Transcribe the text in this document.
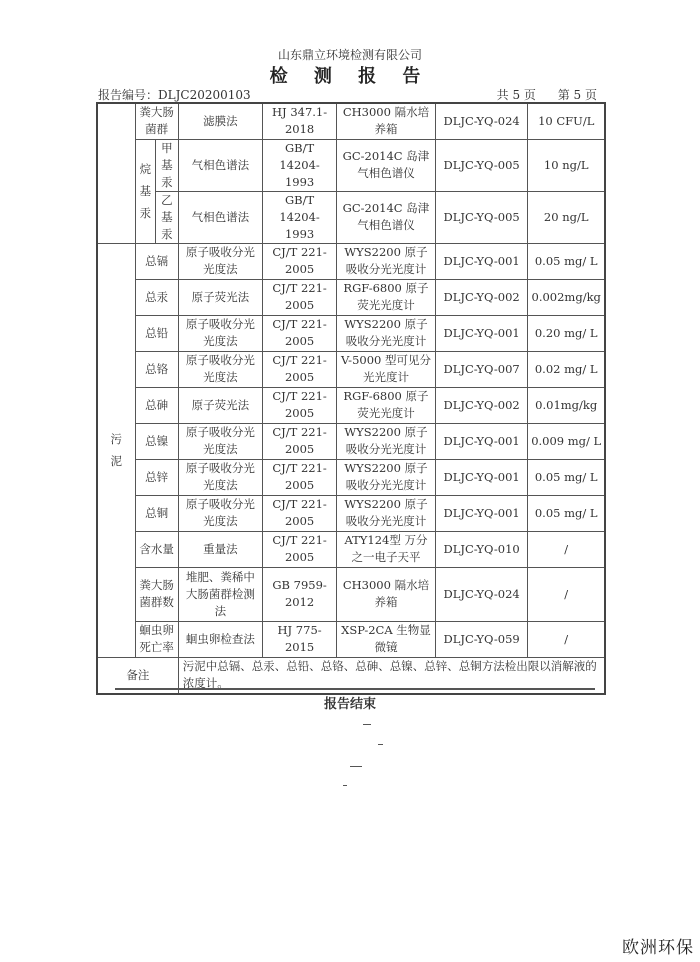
山东鼎立环境检测有限公司
检 测 报 告
报告编号：DLJC20200103	共 5 页 第 5 页
	粪大肠菌群		滤膜法	HJ 347.1-2018	CH3000 隔水培养箱	DLJC-YQ-024	10 CFU/L
	烷基汞	甲基汞	气相色谱法	GB/T 14204-1993	GC-2014C 岛津气相色谱仪	DLJC-YQ-005	10 ng/L
		乙基汞	气相色谱法	GB/T 14204-1993	GC-2014C 岛津气相色谱仪	DLJC-YQ-005	20 ng/L
污泥	总镉		原子吸收分光光度法	CJ/T 221-2005	WYS2200 原子吸收分光光度计	DLJC-YQ-001	0.05 mg/ L
	总汞		原子荧光法	CJ/T 221-2005	RGF-6800 原子荧光光度计	DLJC-YQ-002	0.002mg/kg
	总铅		原子吸收分光光度法	CJ/T 221-2005	WYS2200 原子吸收分光光度计	DLJC-YQ-001	0.20 mg/ L
	总铬		原子吸收分光光度法	CJ/T 221-2005	V-5000 型可见分光光度计	DLJC-YQ-007	0.02 mg/ L
	总砷		原子荧光法	CJ/T 221-2005	RGF-6800 原子荧光光度计	DLJC-YQ-002	0.01mg/kg
	总镍		原子吸收分光光度法	CJ/T 221-2005	WYS2200 原子吸收分光光度计	DLJC-YQ-001	0.009 mg/ L
	总锌		原子吸收分光光度法	CJ/T 221-2005	WYS2200 原子吸收分光光度计	DLJC-YQ-001	0.05 mg/ L
	总铜		原子吸收分光光度法	CJ/T 221-2005	WYS2200 原子吸收分光光度计	DLJC-YQ-001	0.05 mg/ L
	含水量		重量法	CJ/T 221-2005	ATY124型 万分之一电子天平	DLJC-YQ-010	/
	粪大肠菌群数		堆肥、粪稀中大肠菌群检测法	GB 7959-2012	CH3000 隔水培养箱	DLJC-YQ-024	/
	蛔虫卵死亡率		蛔虫卵检查法	HJ 775-2015	XSP-2CA 生物显微镜	DLJC-YQ-059	/
备注			污泥中总镉、总汞、总铅、总铬、总砷、总镍、总锌、总铜方法检出限以消解液的浓度计。				
报告结束
欧洲环保
